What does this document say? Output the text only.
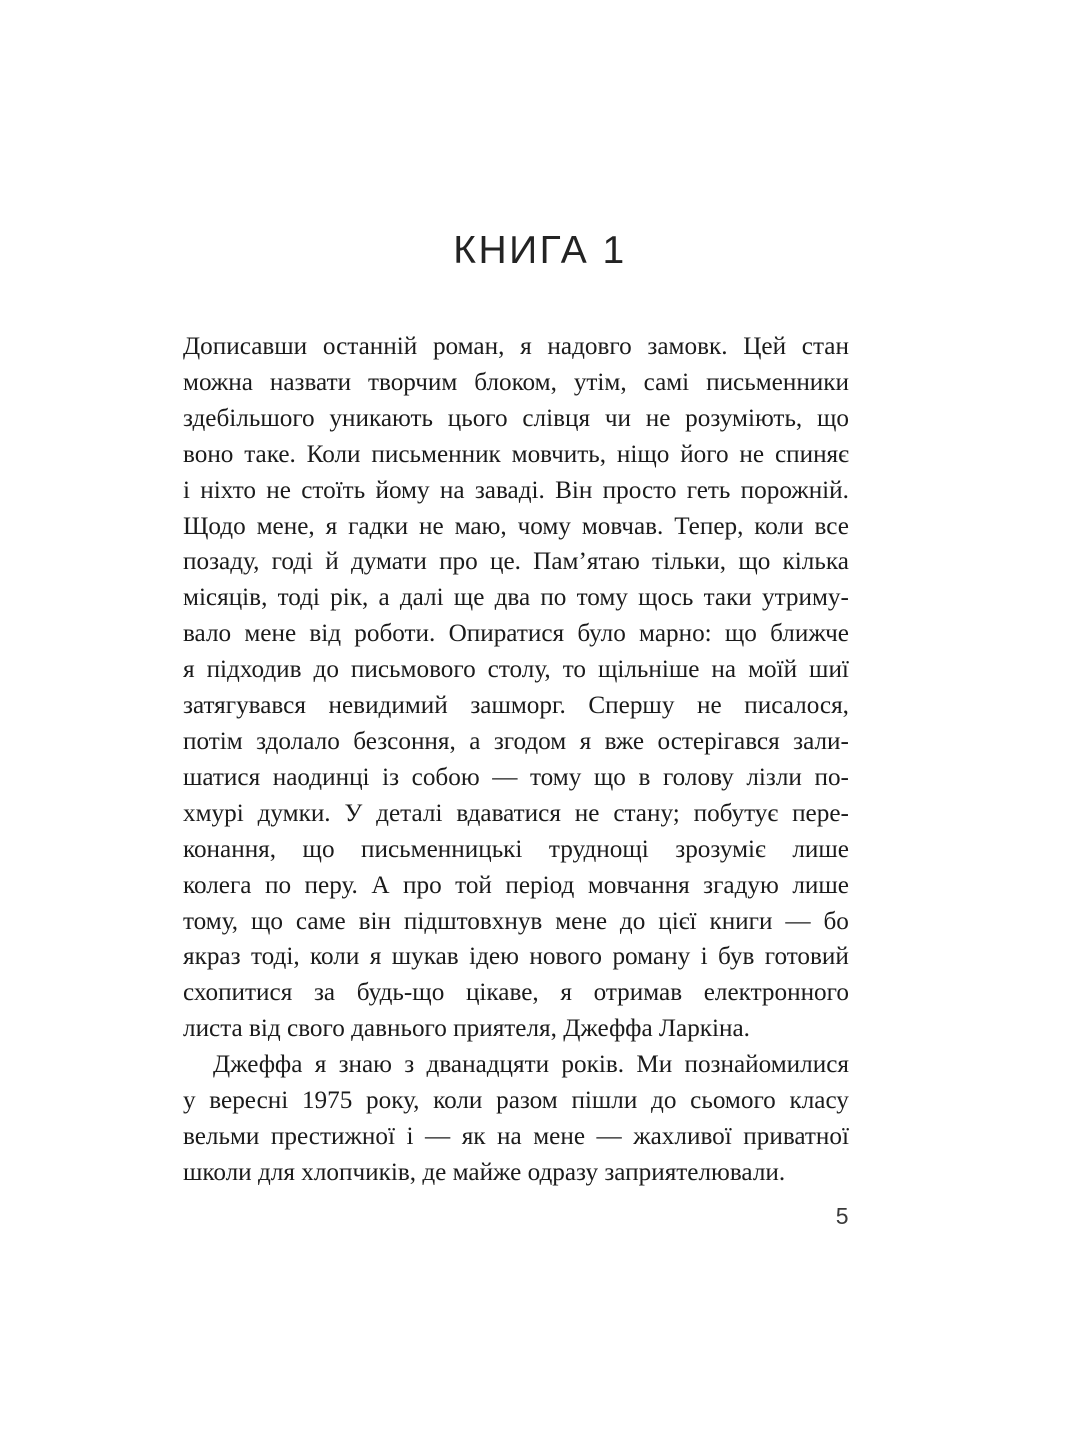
КНИГА 1

Дописавши останній роман, я надовго замовк. Цей стан
можна назвати творчим блоком, утім, самі письменники
здебільшого уникають цього слівця чи не розуміють, що
воно таке. Коли письменник мовчить, ніщо його не спиняє
і ніхто не стоїть йому на заваді. Він просто геть порожній.
Щодо мене, я гадки не маю, чому мовчав. Тепер, коли все
позаду, годі й думати про це. Пам’ятаю тільки, що кілька
місяців, тоді рік, а далі ще два по тому щось таки утриму-
вало мене від роботи. Опиратися було марно: що ближче
я підходив до письмового столу, то щільніше на моїй шиї
затягувався невидимий зашморг. Спершу не писалося,
потім здолало безсоння, а згодом я вже остерігався зали-
шатися наодинці із собою — тому що в голову лізли по-
хмурі думки. У деталі вдаватися не стану; побутує пере-
конання, що письменницькі труднощі зрозуміє лише
колега по перу. А про той період мовчання згадую лише
тому, що саме він підштовхнув мене до цієї книги — бо
якраз тоді, коли я шукав ідею нового роману і був готовий
схопитися за будь-що цікаве, я отримав електронного
листа від свого давнього приятеля, Джеффа Ларкіна.

Джеффа я знаю з дванадцяти років. Ми познайомилися
у вересні 1975 року, коли разом пішли до сьомого класу
вельми престижної і — як на мене — жахливої приватної
школи для хлопчиків, де майже одразу заприятелювали.

5
